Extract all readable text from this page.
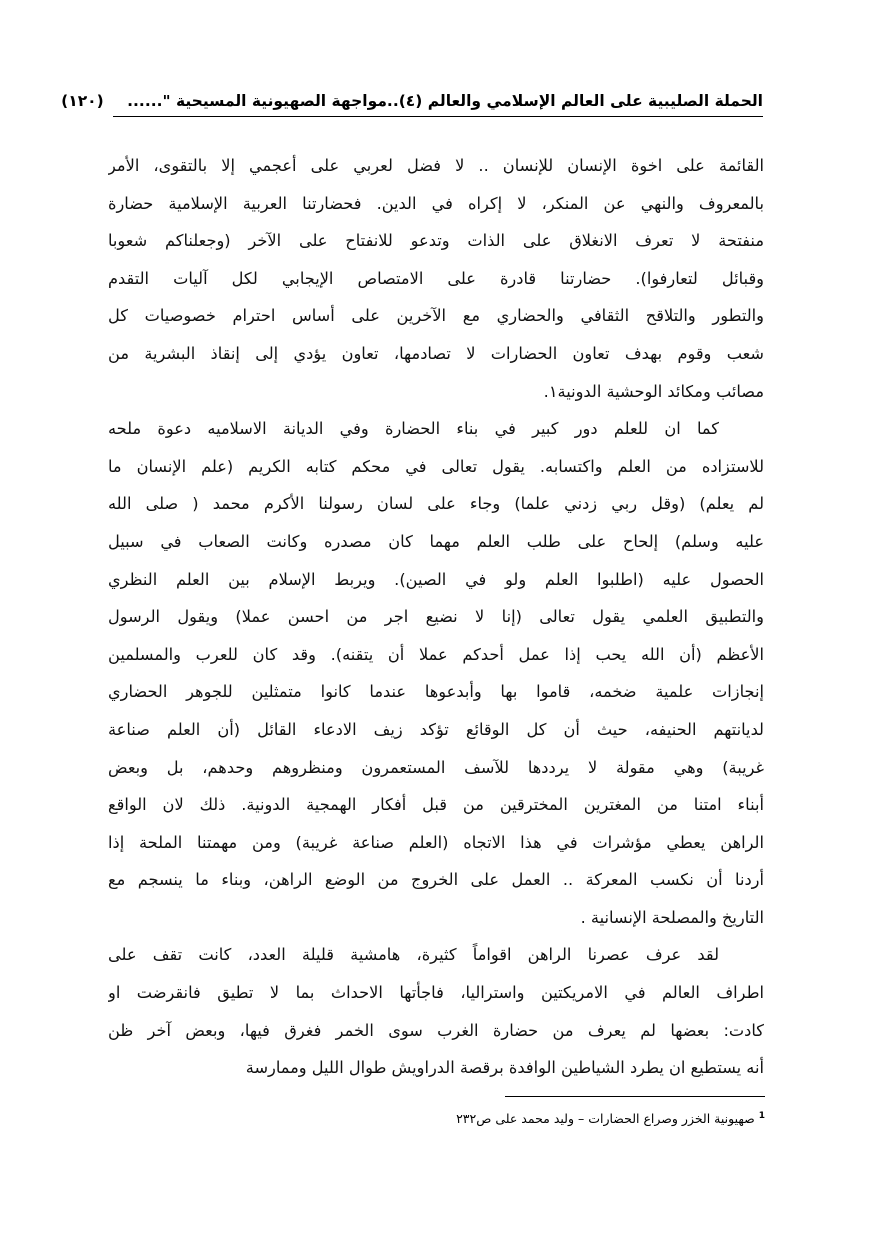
الحملة الصليبية على العالم الإسلامي والعالم (٤)..مواجهة الصهيونية المسيحية "...... (١٢٠)

القائمة على اخوة الإنسان للإنسان .. لا فضل لعربي على أعجمي إلا بالتقوى، الأمر
بالمعروف والنهي عن المنكر، لا إكراه في الدين. فحضارتنا العربية الإسلامية حضارة
منفتحة لا تعرف الانغلاق على الذات وتدعو للانفتاح على الآخر (وجعلناكم شعوبا
وقبائل لتعارفوا). حضارتنا قادرة على الامتصاص الإيجابي لكل آليات التقدم
والتطور والتلاقح الثقافي والحضاري مع الآخرين على أساس احترام خصوصيات كل
شعب وقوم بهدف تعاون الحضارات لا تصادمها، تعاون يؤدي إلى إنقاذ البشرية من
مصائب ومكائد الوحشية الدونية١.

كما ان للعلم دور كبير في بناء الحضارة وفي الديانة الاسلاميه دعوة ملحه
للاستزاده من العلم واكتسابه. يقول تعالى في محكم كتابه الكريم (علم الإنسان ما
لم يعلم) (وقل ربي زدني علما) وجاء على لسان رسولنا الأكرم محمد ( صلى الله
عليه وسلم) إلحاح على طلب العلم مهما كان مصدره وكانت الصعاب في سبيل
الحصول عليه (اطلبوا العلم ولو في الصين). ويربط الإسلام بين العلم النظري
والتطبيق العلمي يقول تعالى (إنا لا نضيع اجر من احسن عملا) ويقول الرسول
الأعظم (أن الله يحب إذا عمل أحدكم عملا أن يتقنه). وقد كان للعرب والمسلمين
إنجازات علمية ضخمه، قاموا بها وأبدعوها عندما كانوا متمثلين للجوهر الحضاري
لديانتهم الحنيفه، حيث أن كل الوقائع تؤكد زيف الادعاء القائل (أن العلم صناعة
غريبة) وهي مقولة لا يرددها للآسف المستعمرون ومنظروهم وحدهم، بل وبعض
أبناء امتنا من المغترين المخترقين من قبل أفكار الهمجية الدونية. ذلك لان الواقع
الراهن يعطي مؤشرات في هذا الاتجاه (العلم صناعة غريبة) ومن مهمتنا الملحة إذا
أردنا أن نكسب المعركة .. العمل على الخروج من الوضع الراهن، وبناء ما ينسجم مع
التاريخ والمصلحة الإنسانية .

لقد عرف عصرنا الراهن اقواماً كثيرة، هامشية قليلة العدد، كانت تقف على
اطراف العالم في الامريكتين واستراليا، فاجأتها الاحداث بما لا تطيق فانقرضت او
كادت: بعضها لم يعرف من حضارة الغرب سوى الخمر فغرق فيها، وبعض آخر ظن
أنه يستطيع ان يطرد الشياطين الوافدة برقصة الدراويش طوال الليل وممارسة

$^1$صهيونية الخزر وصراع الحضارات – وليد محمد على ص٢٣٢
